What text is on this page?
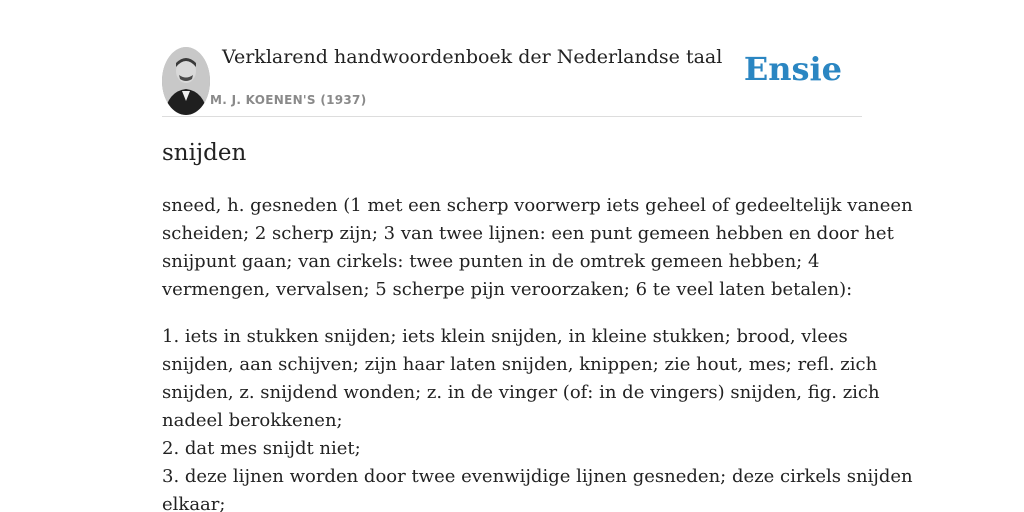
Verklarend handwoordenboek der Nederlandse taal
M. J. KOENEN'S (1937)
Ensie
snijden

sneed, h. gesneden (1 met een scherp voorwerp iets geheel of gedeeltelijk vaneen
scheiden; 2 scherp zijn; 3 van twee lijnen: een punt gemeen hebben en door het
snijpunt gaan; van cirkels: twee punten in de omtrek gemeen hebben; 4
vermengen, vervalsen; 5 scherpe pijn veroorzaken; 6 te veel laten betalen):

1. iets in stukken snijden; iets klein snijden, in kleine stukken; brood, vlees
snijden, aan schijven; zijn haar laten snijden, knippen; zie hout, mes; refl. zich
snijden, z. snijdend wonden; z. in de vinger (of: in de vingers) snijden, fig. zich
nadeel berokkenen;
2. dat mes snijdt niet;
3. deze lijnen worden door twee evenwijdige lijnen gesneden; deze cirkels snijden
elkaar;
